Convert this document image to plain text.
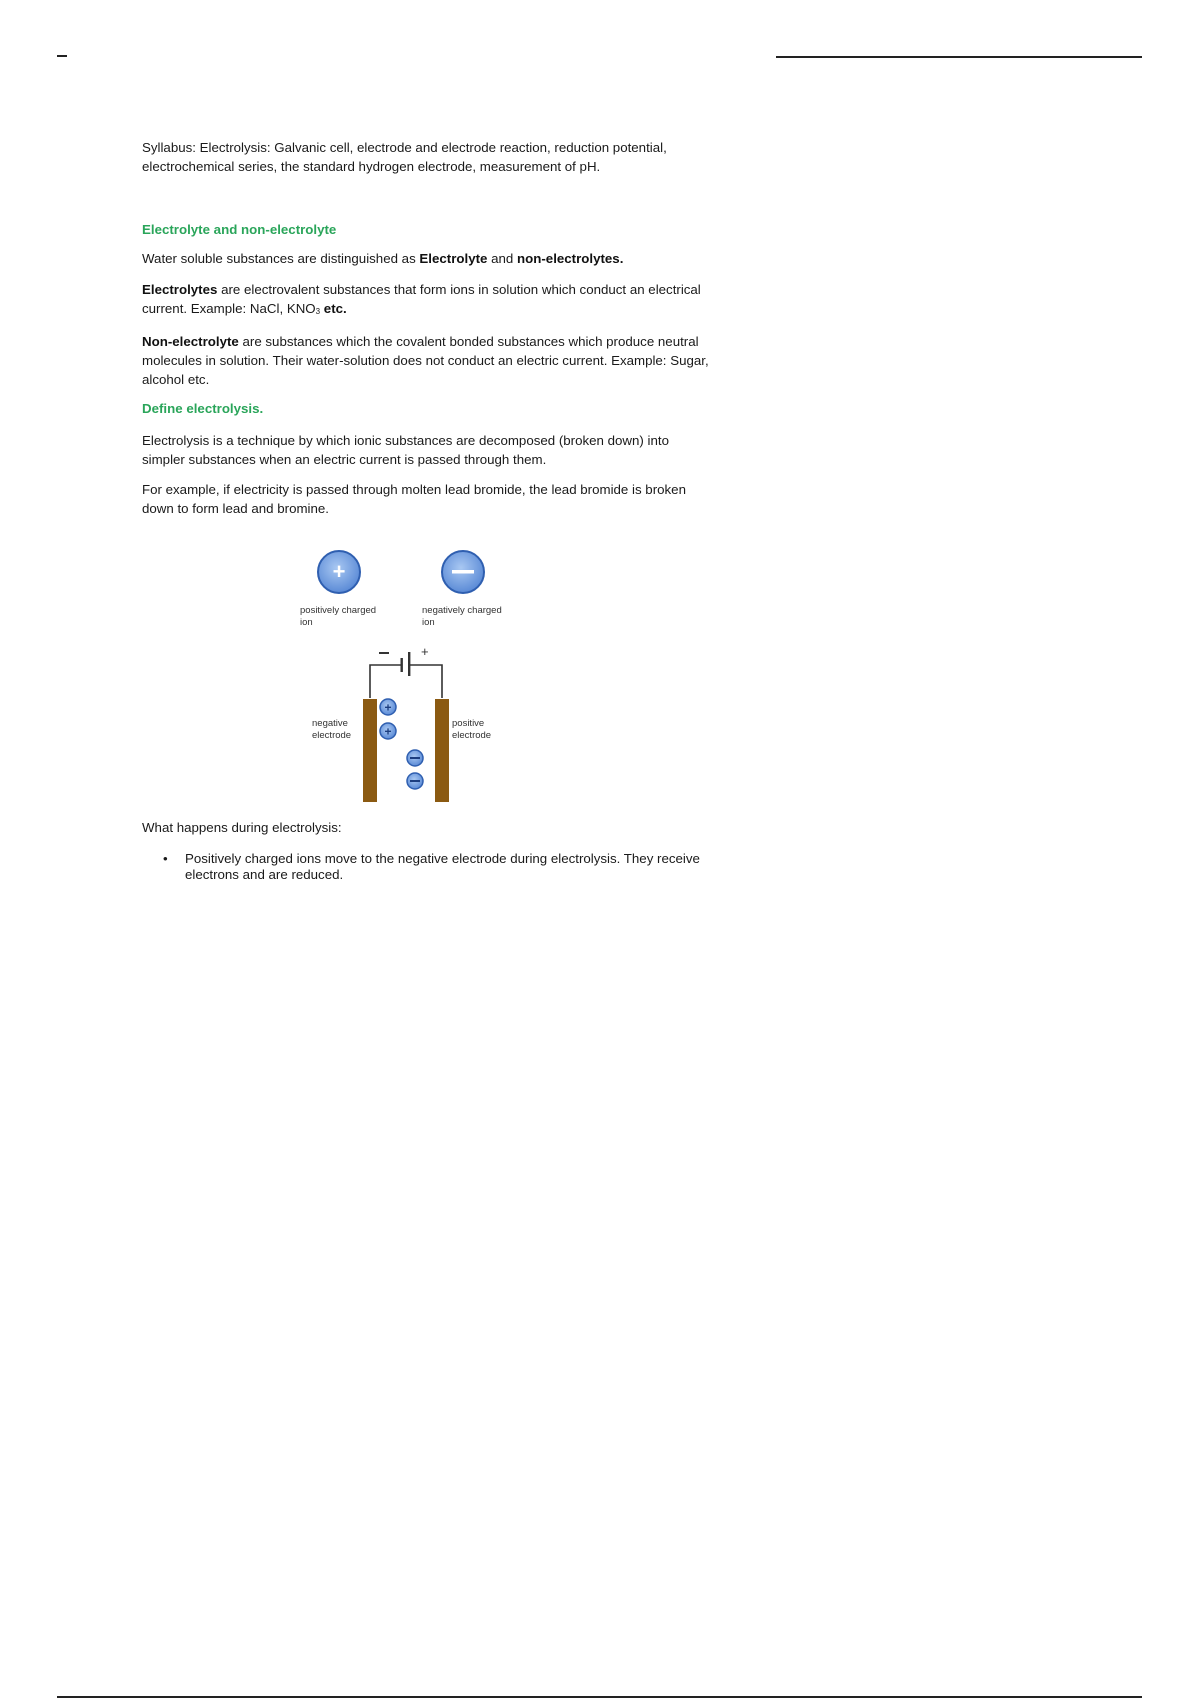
Syllabus: Electrolysis: Galvanic cell, electrode and electrode reaction, reduction potential, electrochemical series, the standard hydrogen electrode, measurement of pH.

Electrolyte and non-electrolyte

Water soluble substances are distinguished as Electrolyte and non-electrolytes.

Electrolytes are electrovalent substances that form ions in solution which conduct an electrical current. Example: NaCl, $KNO_3$ etc.

Non-electrolyte are substances which the covalent bonded substances which produce neutral molecules in solution. Their water-solution does not conduct an electric current. Example: Sugar, alcohol etc.

Define electrolysis.

Electrolysis is a technique by which ionic substances are decomposed (broken down) into simpler substances when an electric current is passed through them.

For example, if electricity is passed through molten lead bromide, the lead bromide is broken down to form lead and bromine.

+
positively charged
ion
negatively charged
ion
+
negative
electrode
positive
electrode
+
+

What happens during electrolysis:

• Positively charged ions move to the negative electrode during electrolysis. They receive electrons and are reduced.
